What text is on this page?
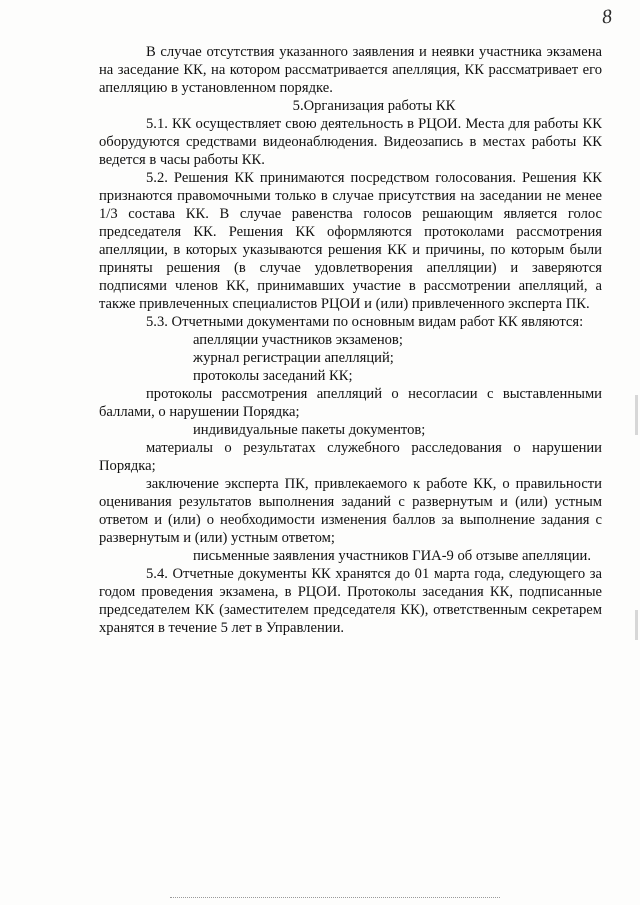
8

В случае отсутствия указанного заявления и неявки участника экзамена на заседание КК, на котором рассматривается апелляция, КК рассматривает его апелляцию в установленном порядке.

5.Организация работы КК

5.1. КК осуществляет свою деятельность в РЦОИ. Места для работы КК оборудуются средствами видеонаблюдения. Видеозапись в местах работы КК ведется в часы работы КК.

5.2. Решения КК принимаются посредством голосования. Решения КК признаются правомочными только в случае присутствия на заседании не менее 1/3 состава КК. В случае равенства голосов решающим является голос председателя КК. Решения КК оформляются протоколами рассмотрения апелляции, в которых указываются решения КК и причины, по которым были приняты решения (в случае удовлетворения апелляции) и заверяются подписями членов КК, принимавших участие в рассмотрении апелляций, а также привлеченных специалистов РЦОИ и (или) привлеченного эксперта ПК.

5.3. Отчетными документами по основным видам работ КК являются:

апелляции участников экзаменов;

журнал регистрации апелляций;

протоколы заседаний КК;

протоколы рассмотрения апелляций о несогласии с выставленными баллами, о нарушении Порядка;

индивидуальные пакеты документов;

материалы о результатах служебного расследования о нарушении Порядка;

заключение эксперта ПК, привлекаемого к работе КК, о правильности оценивания результатов выполнения заданий с развернутым и (или) устным ответом и (или) о необходимости изменения баллов за выполнение задания с развернутым и (или) устным ответом;

письменные заявления участников ГИА-9 об отзыве апелляции.

5.4. Отчетные документы КК хранятся до 01 марта года, следующего за годом проведения экзамена, в РЦОИ. Протоколы заседания КК, подписанные председателем КК (заместителем председателя КК), ответственным секретарем хранятся в течение 5 лет в Управлении.
